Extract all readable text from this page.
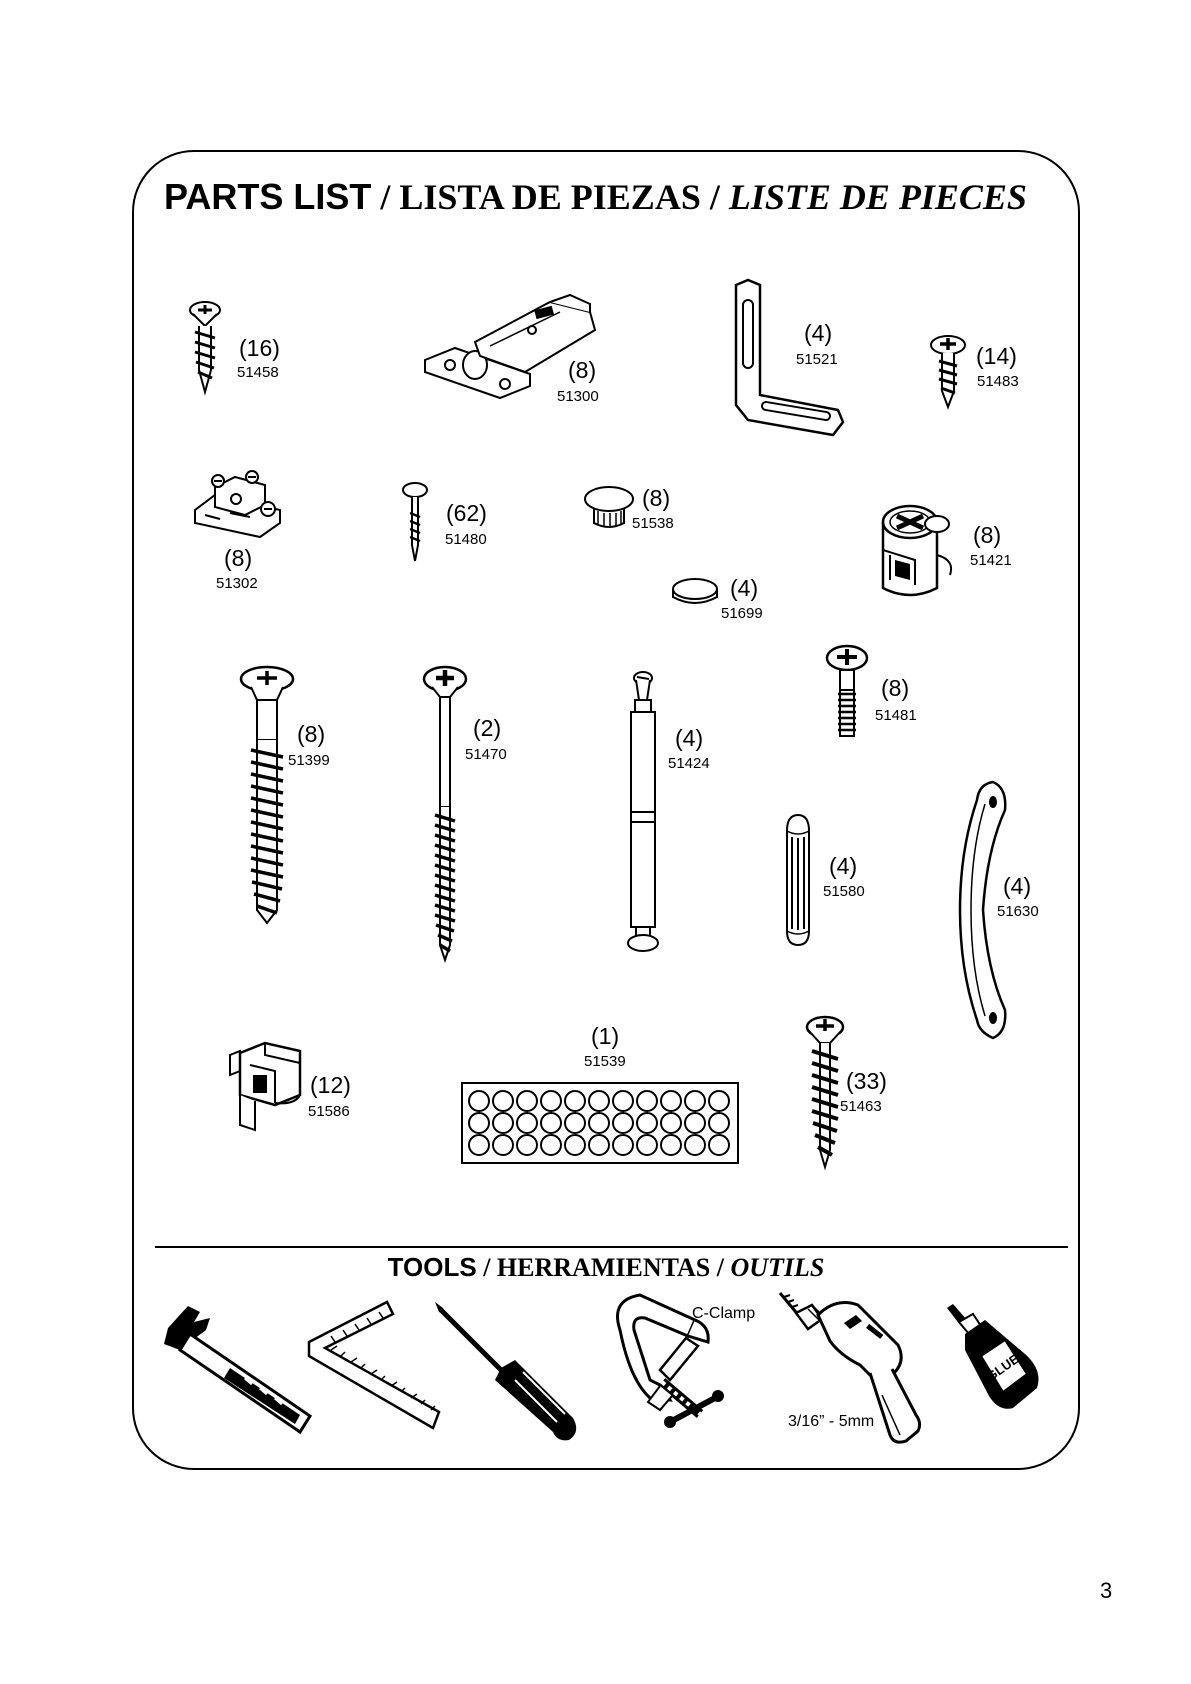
PARTS LIST / LISTA DE PIEZAS / LISTE DE PIECES
(16)
51458	(8)
51300
(4)
51521	(14)
51483
(8)
51302
(62)
51480
(8)
51538	(8)
51421
(4)
51699
(8)
51399
(2)
51470
(4)
51424
(8)
51481
(4)
51580	(4)
51630
(1)
51539
(12)
51586
(33)
51463
TOOLS / HERRAMIENTAS / OUTILS
C-Clamp
3/16” - 5mm
GLUE
3
